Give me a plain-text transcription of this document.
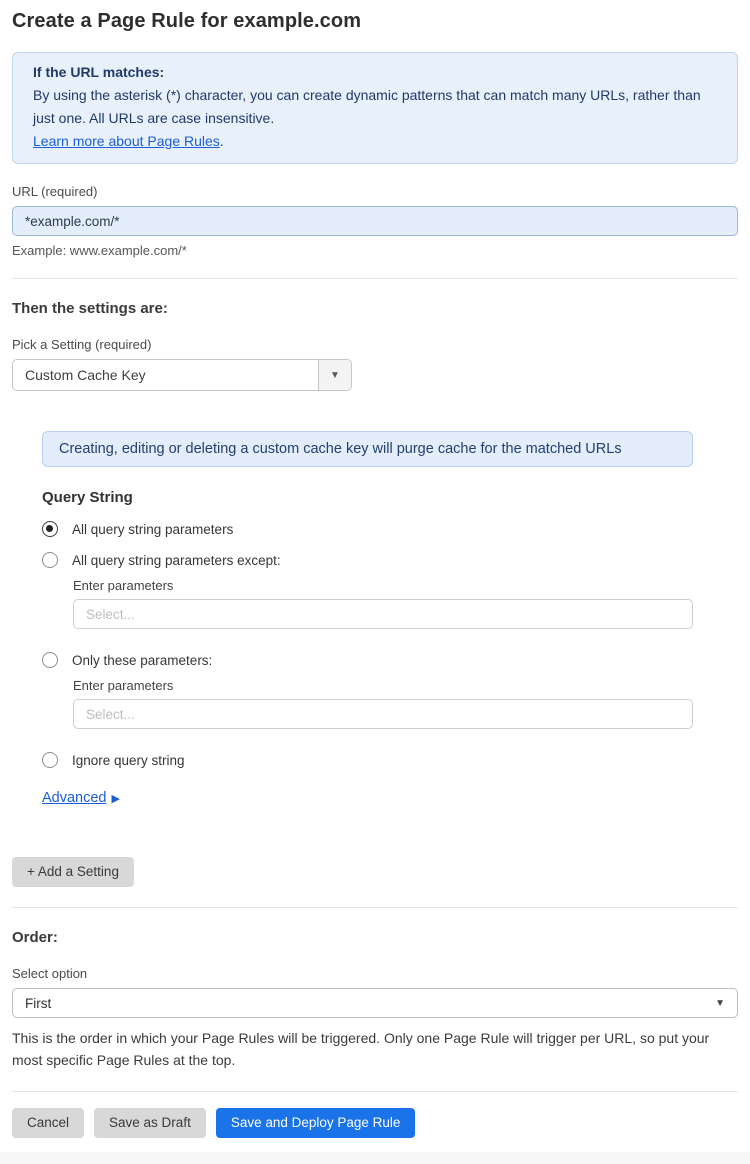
Create a Page Rule for example.com
If the URL matches:
By using the asterisk (*) character, you can create dynamic patterns that can match many URLs, rather than just one. All URLs are case insensitive.
Learn more about Page Rules.
URL (required)
*example.com/*
Example: www.example.com/*
Then the settings are:
Pick a Setting (required)
Custom Cache Key	▼
Creating, editing or deleting a custom cache key will purge cache for the matched URLs
Query String
All query string parameters
All query string parameters except:
Enter parameters
Select...
Only these parameters:
Enter parameters
Select...
Ignore query string
Advanced ▶

+ Add a Setting
Order:
Select option
First	▼
This is the order in which your Page Rules will be triggered. Only one Page Rule will trigger per URL, so put your most specific Page Rules at the top.
Cancel	Save as Draft	Save and Deploy Page Rule
